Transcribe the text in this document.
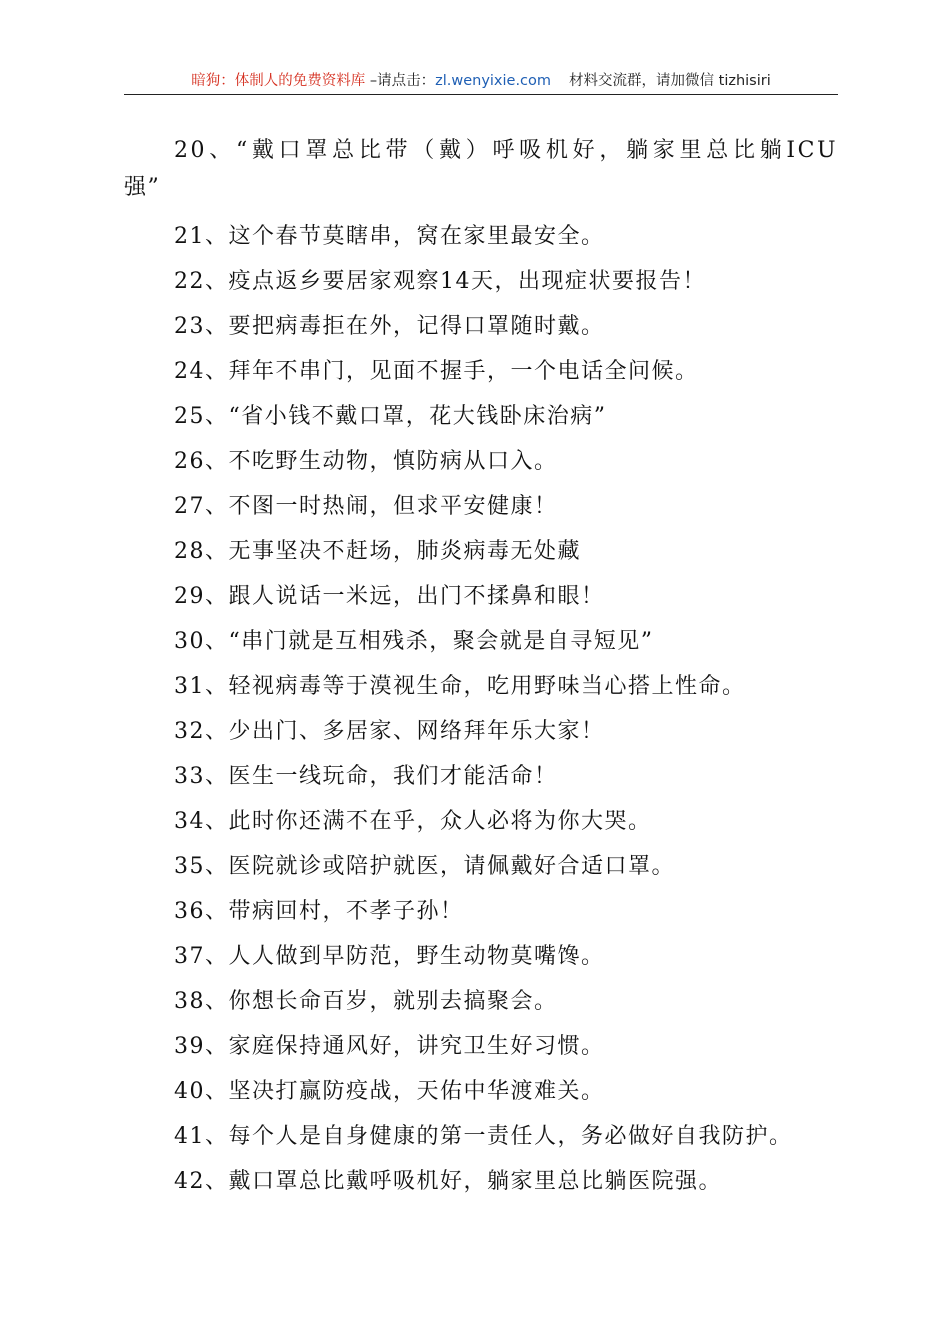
暗狗：体制人的免费资料库 –请点击：zl.wenyixie.com 材料交流群，请加微信 tizhisiri
20、“戴口罩总比带（戴）呼吸机好，躺家里总比躺ICU
强”
21、这个春节莫瞎串，窝在家里最安全。
22、疫点返乡要居家观察14天，出现症状要报告！
23、要把病毒拒在外，记得口罩随时戴。
24、拜年不串门，见面不握手，一个电话全问候。
25、“省小钱不戴口罩，花大钱卧床治病”
26、不吃野生动物，慎防病从口入。
27、不图一时热闹，但求平安健康！
28、无事坚决不赶场，肺炎病毒无处藏
29、跟人说话一米远，出门不揉鼻和眼！
30、“串门就是互相残杀，聚会就是自寻短见”
31、轻视病毒等于漠视生命，吃用野味当心搭上性命。
32、少出门、多居家、网络拜年乐大家！
33、医生一线玩命，我们才能活命！
34、此时你还满不在乎，众人必将为你大哭。
35、医院就诊或陪护就医，请佩戴好合适口罩。
36、带病回村，不孝子孙！
37、人人做到早防范，野生动物莫嘴馋。
38、你想长命百岁，就别去搞聚会。
39、家庭保持通风好，讲究卫生好习惯。
40、坚决打赢防疫战，天佑中华渡难关。
41、每个人是自身健康的第一责任人，务必做好自我防护。
42、戴口罩总比戴呼吸机好，躺家里总比躺医院强。
